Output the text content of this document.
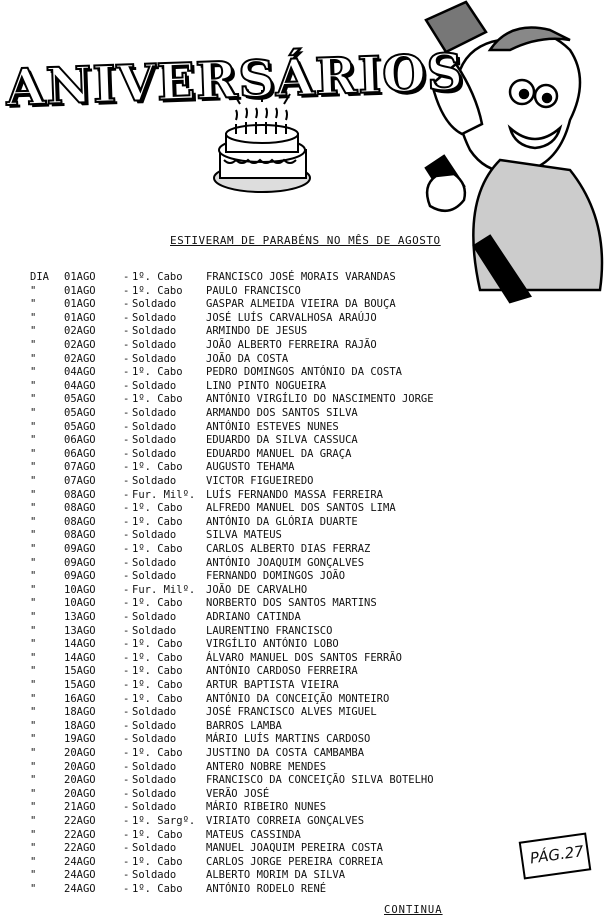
ANIVERSÁRIOS
ESTIVERAM DE PARABÉNS NO MÊS DE AGOSTO
DIA	01AGO	- 1º. Cabo	FRANCISCO JOSÉ MORAIS VARANDAS
"	01AGO	- 1º. Cabo	PAULO FRANCISCO
"	01AGO	- Soldado	GASPAR ALMEIDA VIEIRA DA BOUÇA
"	01AGO	- Soldado	JOSÉ LUÍS CARVALHOSA ARAÚJO
"	02AGO	- Soldado	ARMINDO DE JESUS
"	02AGO	- Soldado	JOÃO ALBERTO FERREIRA RAJÃO
"	02AGO	- Soldado	JOÃO DA COSTA
"	04AGO	- 1º. Cabo	PEDRO DOMINGOS ANTÓNIO DA COSTA
"	04AGO	- Soldado	LINO PINTO NOGUEIRA
"	05AGO	- 1º. Cabo	ANTÓNIO VIRGÍLIO DO NASCIMENTO JORGE
"	05AGO	- Soldado	ARMANDO DOS SANTOS SILVA
"	05AGO	- Soldado	ANTÓNIO ESTEVES NUNES
"	06AGO	- Soldado	EDUARDO DA SILVA CASSUCA
"	06AGO	- Soldado	EDUARDO MANUEL DA GRAÇA
"	07AGO	- 1º. Cabo	AUGUSTO TEHAMA
"	07AGO	- Soldado	VICTOR FIGUEIREDO
"	08AGO	- Fur. Milº.	LUÍS FERNANDO MASSA FERREIRA
"	08AGO	- 1º. Cabo	ALFREDO MANUEL DOS SANTOS LIMA
"	08AGO	- 1º. Cabo	ANTÓNIO DA GLÓRIA DUARTE
"	08AGO	- Soldado	SILVA MATEUS
"	09AGO	- 1º. Cabo	CARLOS ALBERTO DIAS FERRAZ
"	09AGO	- Soldado	ANTÓNIO JOAQUIM GONÇALVES
"	09AGO	- Soldado	FERNANDO DOMINGOS JOÃO
"	10AGO	- Fur. Milº.	JOÃO DE CARVALHO
"	10AGO	- 1º. Cabo	NORBERTO DOS SANTOS MARTINS
"	13AGO	- Soldado	ADRIANO CATINDA
"	13AGO	- Soldado	LAURENTINO FRANCISCO
"	14AGO	- 1º. Cabo	VIRGÍLIO ANTÓNIO LOBO
"	14AGO	- 1º. Cabo	ÁLVARO MANUEL DOS SANTOS FERRÃO
"	15AGO	- 1º. Cabo	ANTÓNIO CARDOSO FERREIRA
"	15AGO	- 1º. Cabo	ARTUR BAPTISTA VIEIRA
"	16AGO	- 1º. Cabo	ANTÓNIO DA CONCEIÇÃO MONTEIRO
"	18AGO	- Soldado	JOSÉ FRANCISCO ALVES MIGUEL
"	18AGO	- Soldado	BARROS LAMBA
"	19AGO	- Soldado	MÁRIO LUÍS MARTINS CARDOSO
"	20AGO	- 1º. Cabo	JUSTINO DA COSTA CAMBAMBA
"	20AGO	- Soldado	ANTERO NOBRE MENDES
"	20AGO	- Soldado	FRANCISCO DA CONCEIÇÃO SILVA BOTELHO
"	20AGO	- Soldado	VERÃO JOSÉ
"	21AGO	- Soldado	MÁRIO RIBEIRO NUNES
"	22AGO	- 1º. Sargº.	VIRIATO CORREIA GONÇALVES
"	22AGO	- 1º. Cabo	MATEUS CASSINDA
"	22AGO	- Soldado	MANUEL JOAQUIM PEREIRA COSTA
"	24AGO	- 1º. Cabo	CARLOS JORGE PEREIRA CORREIA
"	24AGO	- Soldado	ALBERTO MORIM DA SILVA
"	24AGO	- 1º. Cabo	ANTÓNIO RODELO RENÉ
PÁG.27
CONTINUA
